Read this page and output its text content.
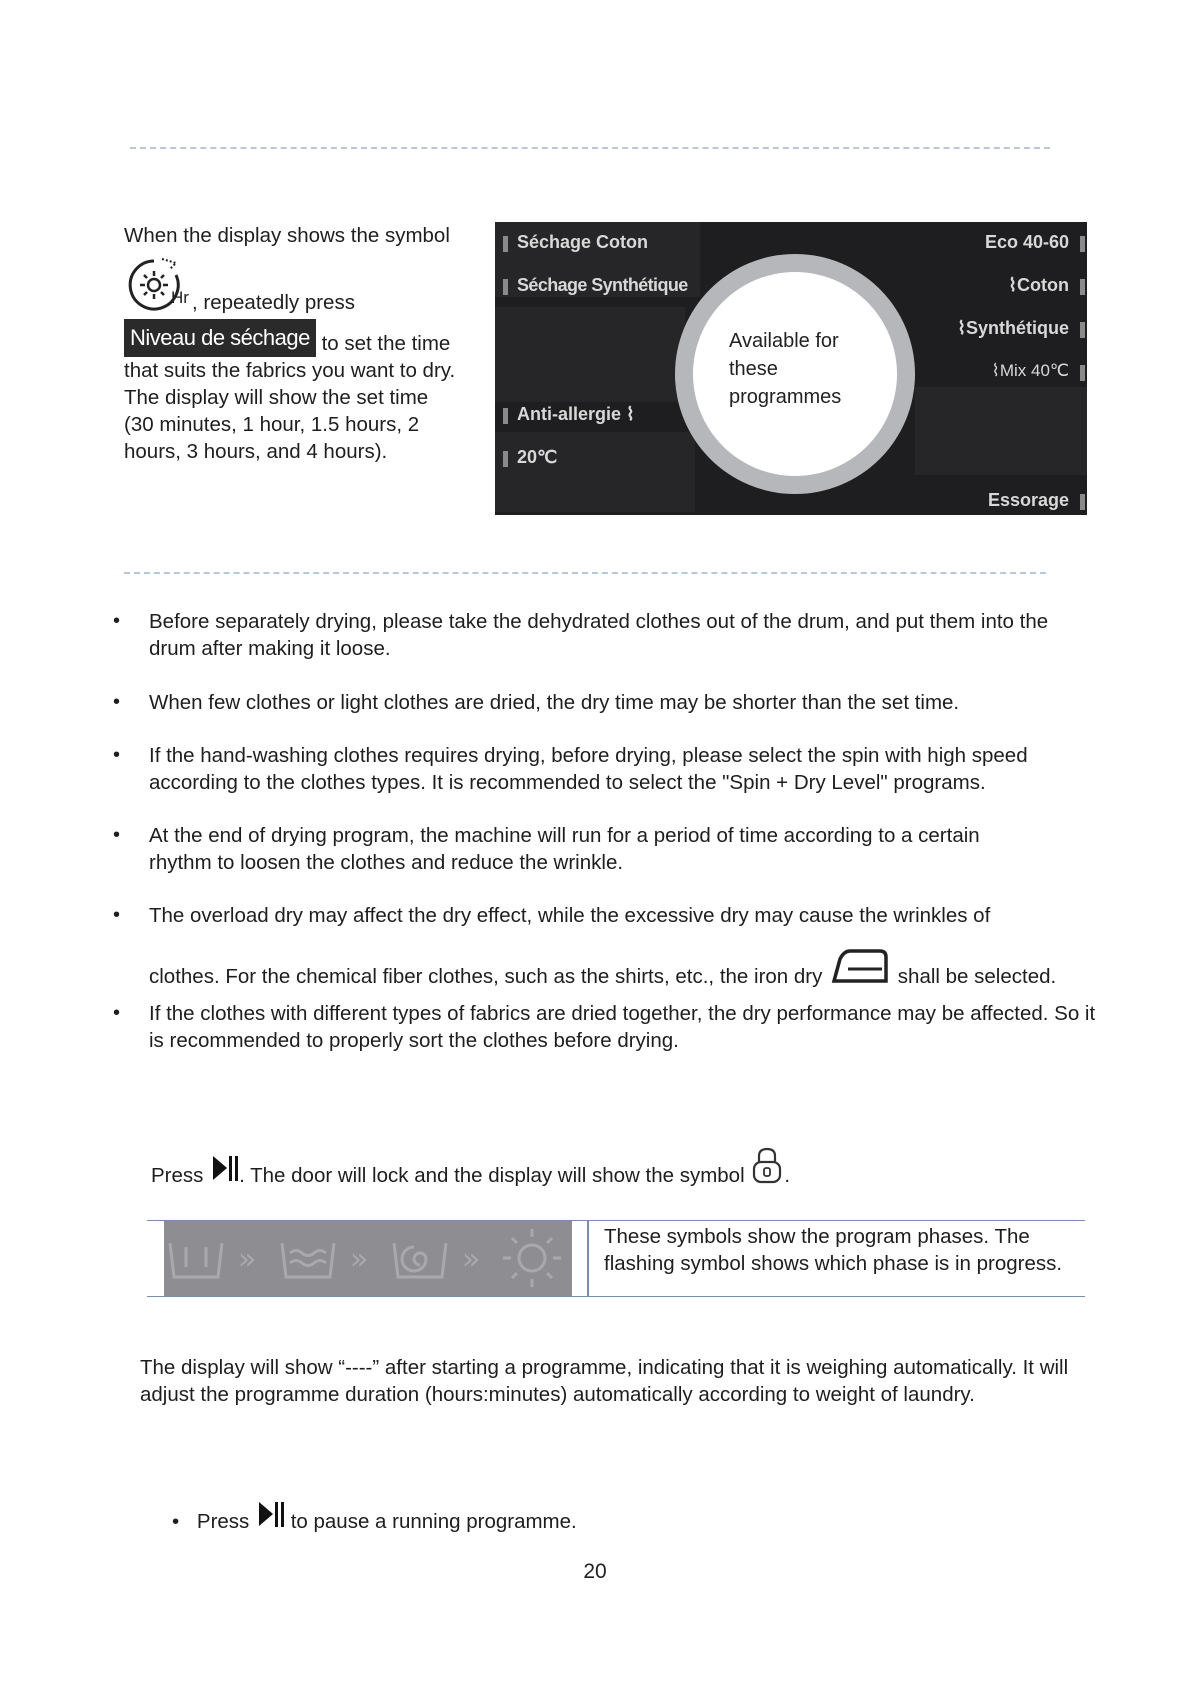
When the display shows the symbol
Hr , repeatedly press
Niveau de séchage to set the time
that suits the fabrics you want to dry. The display will show the set time (30 minutes, 1 hour, 1.5 hours, 2 hours, 3 hours, and 4 hours).
Séchage Coton
Séchage Synthétique
Anti-allergie ⌇
20℃
Eco 40-60
⌇Coton
⌇Synthétique
⌇Mix 40℃
Essorage
Available for these programmes
• Before separately drying, please take the dehydrated clothes out of the drum, and put them into the drum after making it loose.
• When few clothes or light clothes are dried, the dry time may be shorter than the set time.
• If the hand-washing clothes requires drying, before drying, please select the spin with high speed according to the clothes types. It is recommended to select the "Spin + Dry Level" programs.
• At the end of drying program, the machine will run for a period of time according to a certain rhythm to loosen the clothes and reduce the wrinkle.
• The overload dry may affect the dry effect, while the excessive dry may cause the wrinkles of
clothes. For the chemical fiber clothes, such as the shirts, etc., the iron dry	shall be selected.
• If the clothes with different types of fabrics are dried together, the dry performance may be affected. So it is recommended to properly sort the clothes before drying.
Press . The door will lock and the display will show the symbol .
»	»	»
These symbols show the program phases. The flashing symbol shows which phase is in progress.
The display will show “----” after starting a programme, indicating that it is weighing automatically. It will adjust the programme duration (hours:minutes) automatically according to weight of laundry.
• Press to pause a running programme.
20
